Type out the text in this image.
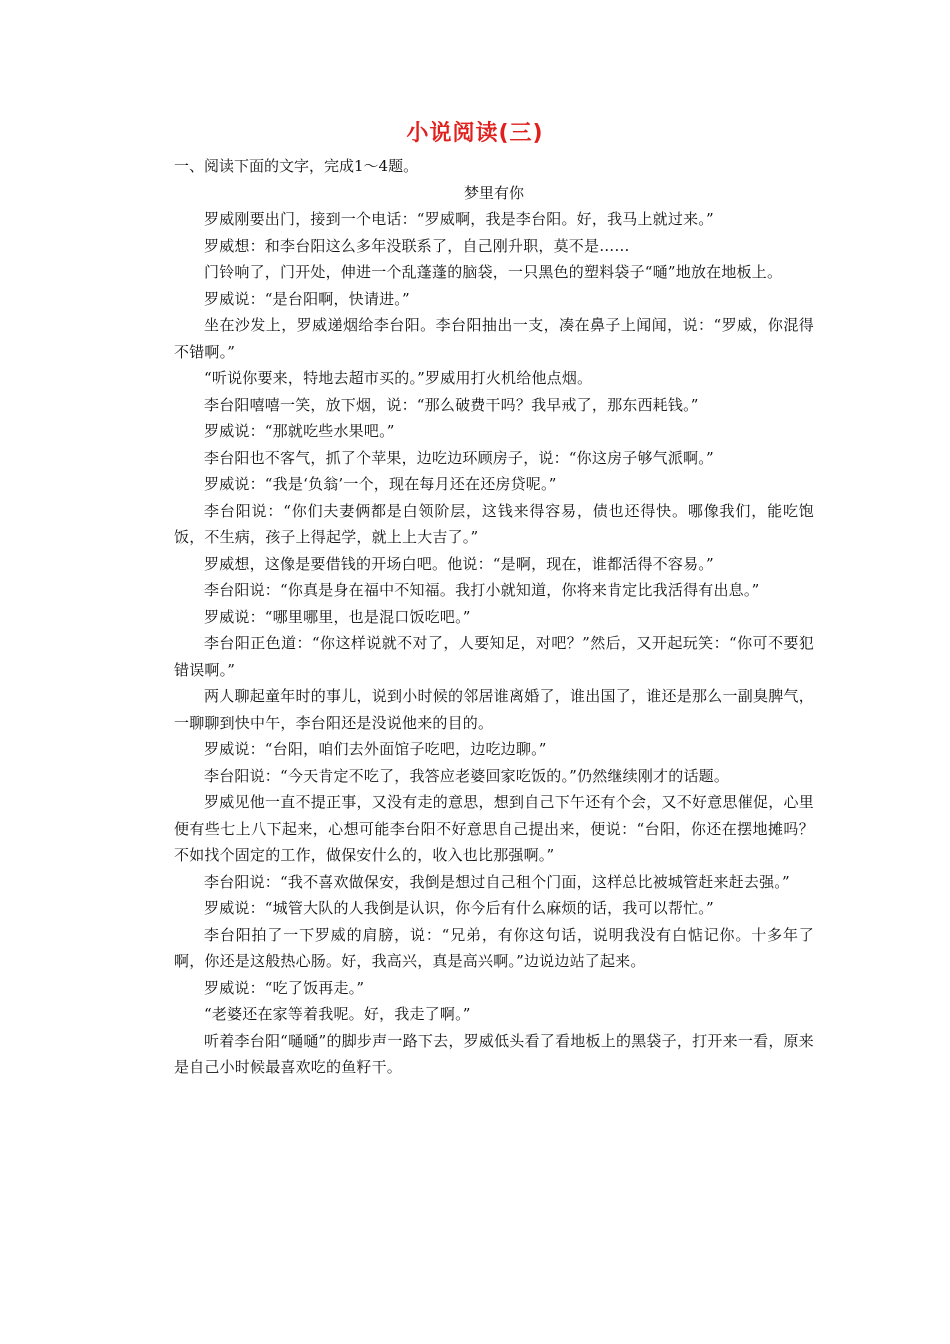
小说阅读(三)

一、阅读下面的文字，完成1～4题。

梦里有你

罗威刚要出门，接到一个电话：“罗威啊，我是李台阳。好，我马上就过来。”

罗威想：和李台阳这么多年没联系了，自己刚升职，莫不是……

门铃响了，门开处，伸进一个乱蓬蓬的脑袋，一只黑色的塑料袋子“嗵”地放在地板上。

罗威说：“是台阳啊，快请进。”

坐在沙发上，罗威递烟给李台阳。李台阳抽出一支，凑在鼻子上闻闻，说：“罗威，你混得不错啊。”

“听说你要来，特地去超市买的。”罗威用打火机给他点烟。

李台阳嘻嘻一笑，放下烟，说：“那么破费干吗？我早戒了，那东西耗钱。”

罗威说：“那就吃些水果吧。”

李台阳也不客气，抓了个苹果，边吃边环顾房子，说：“你这房子够气派啊。”

罗威说：“我是‘负翁’一个，现在每月还在还房贷呢。”

李台阳说：“你们夫妻俩都是白领阶层，这钱来得容易，债也还得快。哪像我们，能吃饱饭，不生病，孩子上得起学，就上上大吉了。”

罗威想，这像是要借钱的开场白吧。他说：“是啊，现在，谁都活得不容易。”

李台阳说：“你真是身在福中不知福。我打小就知道，你将来肯定比我活得有出息。”

罗威说：“哪里哪里，也是混口饭吃吧。”

李台阳正色道：“你这样说就不对了，人要知足，对吧？”然后，又开起玩笑：“你可不要犯错误啊。”

两人聊起童年时的事儿，说到小时候的邻居谁离婚了，谁出国了，谁还是那么一副臭脾气，一聊聊到快中午，李台阳还是没说他来的目的。

罗威说：“台阳，咱们去外面馆子吃吧，边吃边聊。”

李台阳说：“今天肯定不吃了，我答应老婆回家吃饭的。”仍然继续刚才的话题。

罗威见他一直不提正事，又没有走的意思，想到自己下午还有个会，又不好意思催促，心里便有些七上八下起来，心想可能李台阳不好意思自己提出来，便说：“台阳，你还在摆地摊吗？不如找个固定的工作，做保安什么的，收入也比那强啊。”

李台阳说：“我不喜欢做保安，我倒是想过自己租个门面，这样总比被城管赶来赶去强。”

罗威说：“城管大队的人我倒是认识，你今后有什么麻烦的话，我可以帮忙。”

李台阳拍了一下罗威的肩膀，说：“兄弟，有你这句话，说明我没有白惦记你。十多年了啊，你还是这般热心肠。好，我高兴，真是高兴啊。”边说边站了起来。

罗威说：“吃了饭再走。”

“老婆还在家等着我呢。好，我走了啊。”

听着李台阳“嗵嗵”的脚步声一路下去，罗威低头看了看地板上的黑袋子，打开来一看，原来是自己小时候最喜欢吃的鱼籽干。
